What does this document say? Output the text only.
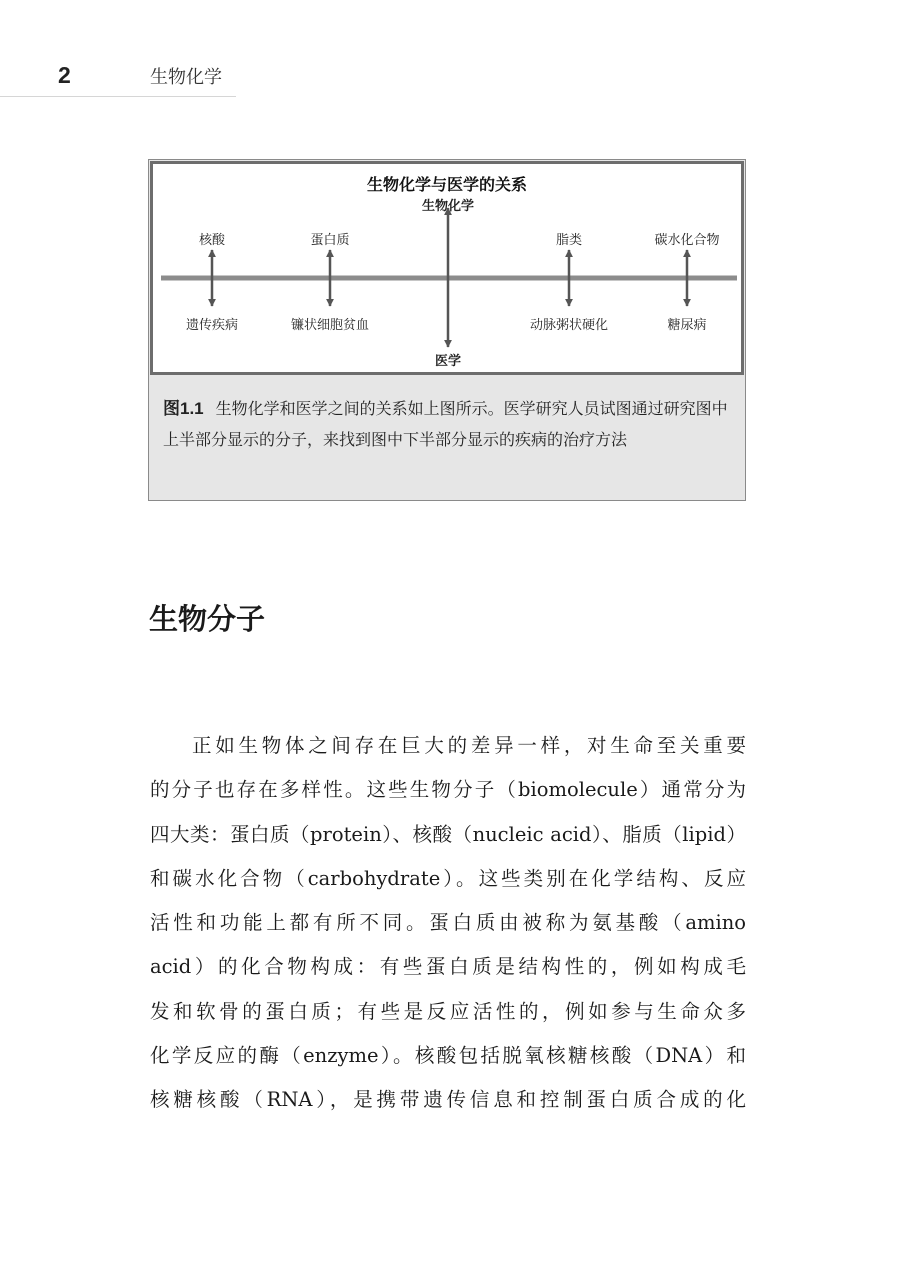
2	生物化学
生物化学与医学的关系
生物化学
医学
核酸	蛋白质	脂类	碳水化合物
遗传疾病	镰状细胞贫血	动脉粥状硬化	糖尿病
图1.1 生物化学和医学之间的关系如上图所示。医学研究人员试图通过研究图中上半部分显示的分子，来找到图中下半部分显示的疾病的治疗方法
生物分子
正如生物体之间存在巨大的差异一样，对生命至关重要
的分子也存在多样性。这些生物分子（biomolecule）通常分为
四大类：蛋白质（protein）、核酸（nucleic acid）、脂质（lipid）
和碳水化合物（carbohydrate）。这些类别在化学结构、反应
活性和功能上都有所不同。蛋白质由被称为氨基酸（amino
acid）的化合物构成：有些蛋白质是结构性的，例如构成毛
发和软骨的蛋白质；有些是反应活性的，例如参与生命众多
化学反应的酶（enzyme）。核酸包括脱氧核糖核酸（DNA）和
核糖核酸（RNA），是携带遗传信息和控制蛋白质合成的化
